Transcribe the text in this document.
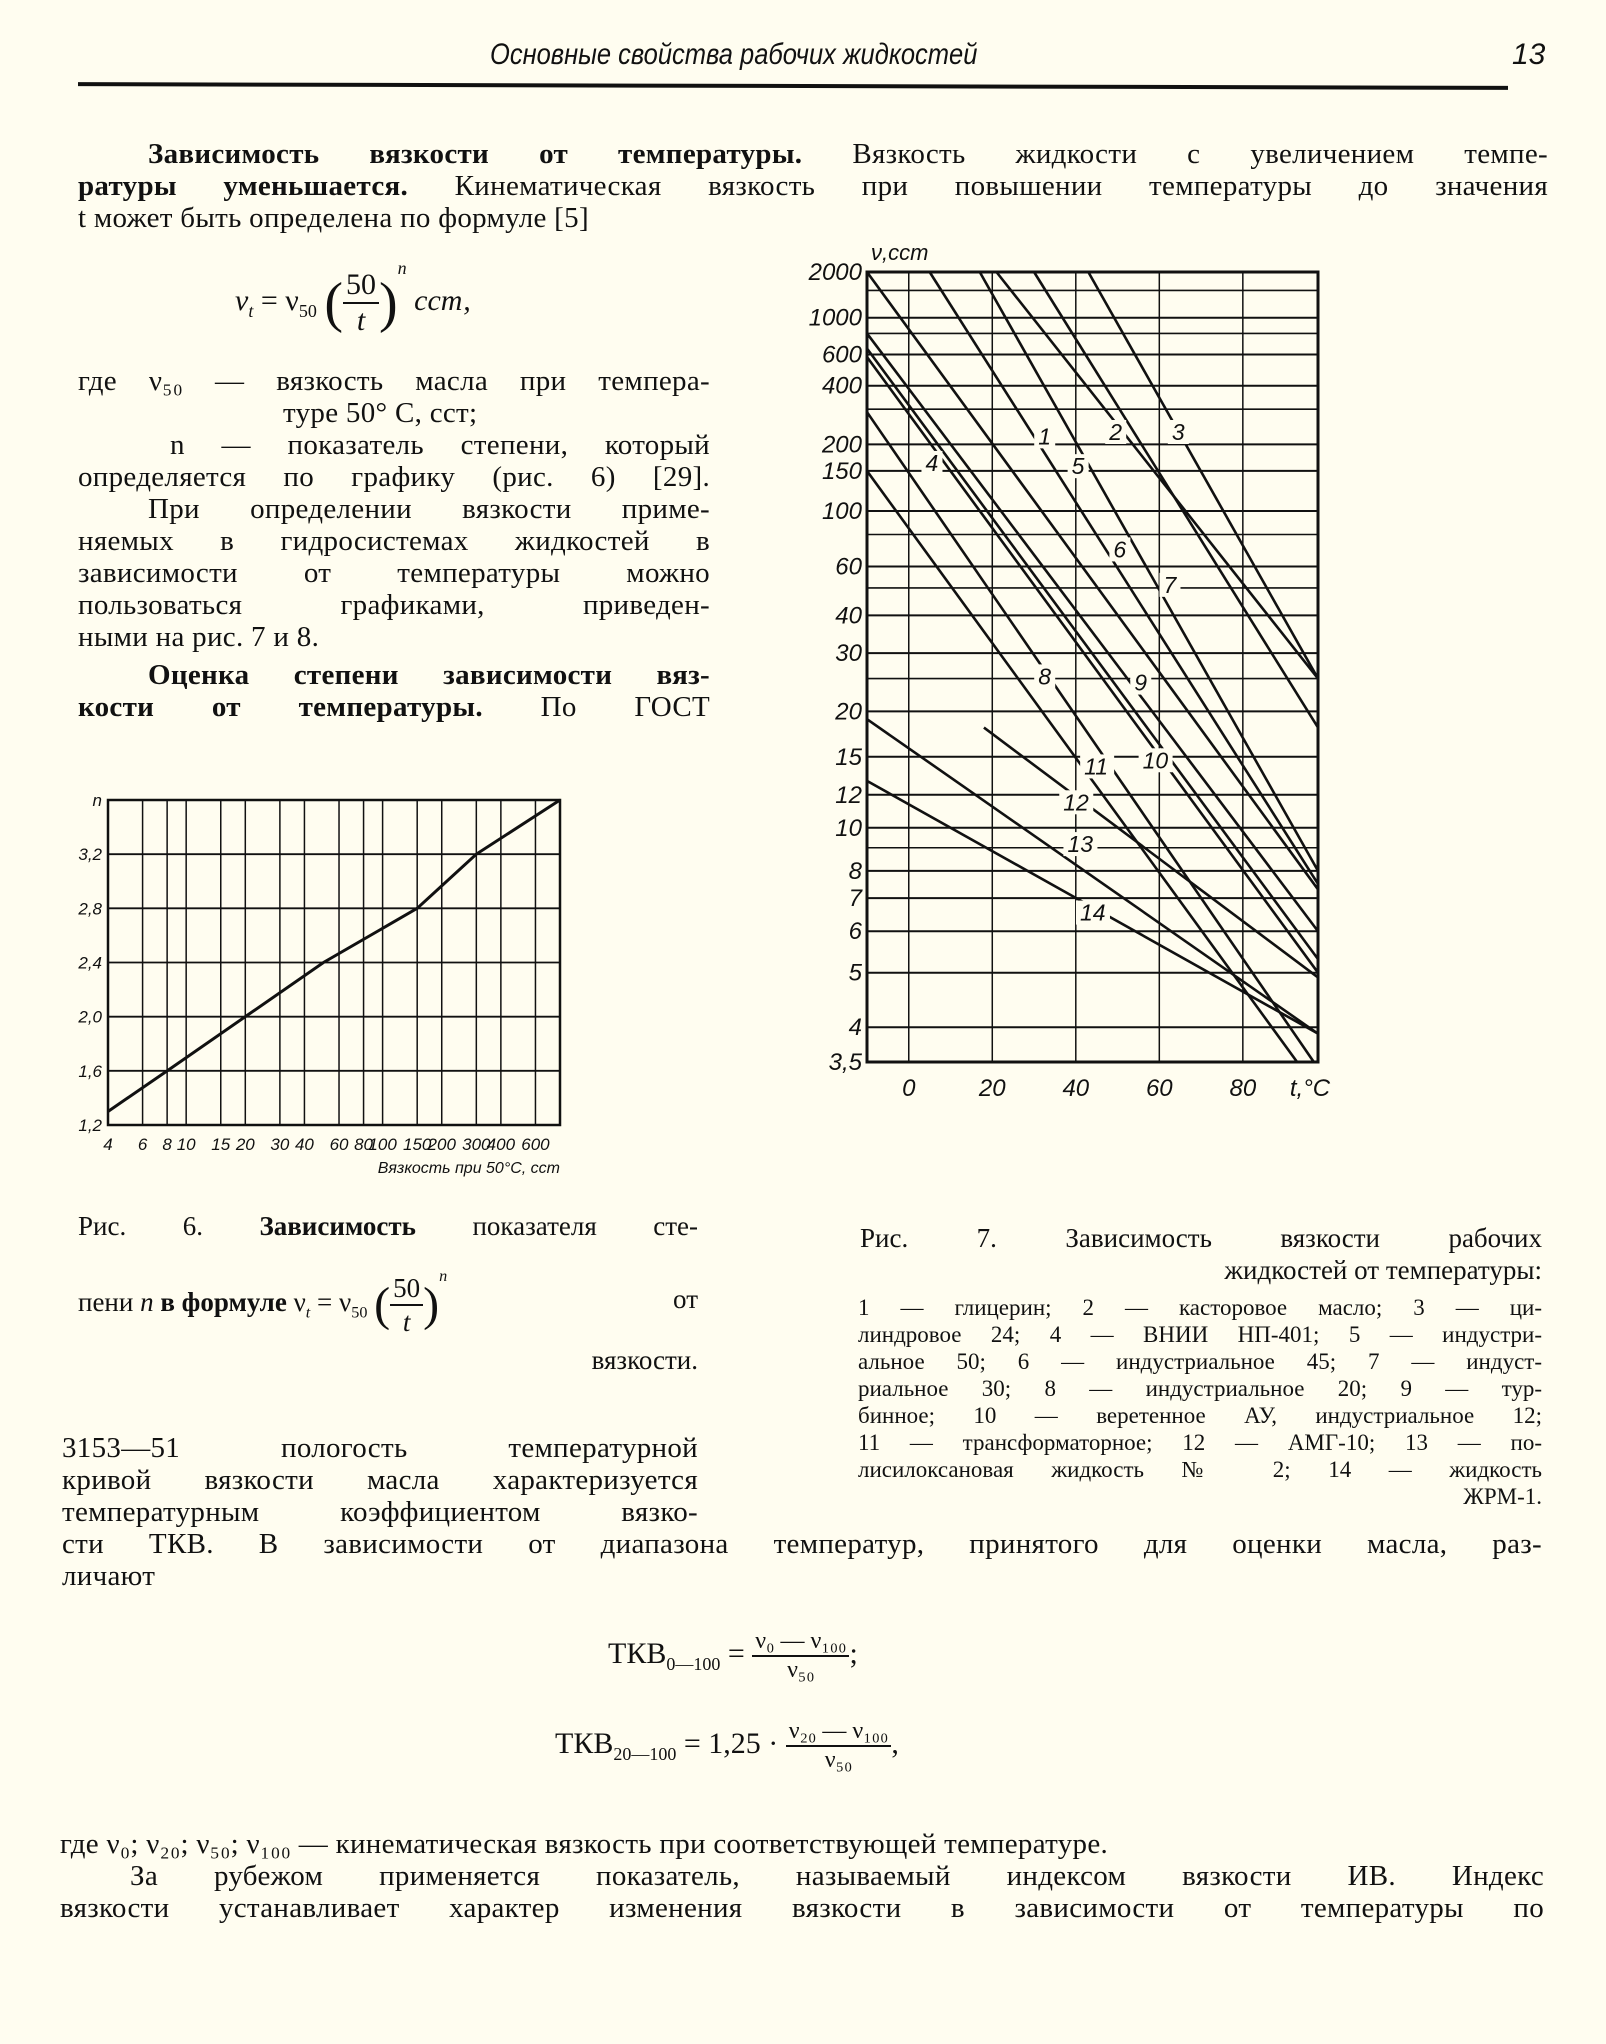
Основные свойства рабочих жидкостей	13
Зависимость вязкости от температуры. Вязкость жидкости с увеличением темпе-
ратуры уменьшается. Кинематическая вязкость при повышении температуры до значения
t может быть определена по формуле [5]
$\nu_t = \nu_{50}$ ( $\frac{50}{t} )^n$ сст,
где ν₅₀ — вязкость масла при темпера-
туре 50° С, сст;
n — показатель степени, который
определяется по графику (рис. 6) [29].
При определении вязкости приме-
няемых в гидросистемах жидкостей в
зависимости от температуры можно
пользоваться графиками, приведен-
ными на рис. 7 и 8.
Оценка степени зависимости вяз-
кости от температуры. По ГОСТ
4 6 8 10 15 20 30 40 60 80
100 150
200 300
400 600
1,2
1,6
2,0
2,4
2,8
3,2
n
Вязкость при 50°С, сст
Рис. 6. Зависимость показателя сте-
пени n в формуле $\nu_t = \nu_{50}$ ( $\frac{50}{t} )^n$
от
вязкости.
3153—51 пологость температурной
кривой вязкости масла характеризуется
температурным коэффициентом вязко-
сти ТКВ. В зависимости от диапазона температур, принятого для оценки масла, раз-
личают
0	20 40 60 80
3,5
4
5
6
7
8
10
12
15
20
30
40
60
100
150
200
400
600
1000
2000
t,°С
ν,сст
1	2 3
4	5
6
7
8	9
10
11
12
13
14
Рис. 7. Зависимость вязкости рабочих
жидкостей от температуры:
1 — глицерин; 2 — касторовое масло; 3 — ци-
линдровое 24; 4 — ВНИИ НП-401; 5 — индустри-
альное 50; 6 — индустриальное 45; 7 — индуст-
риальное 30; 8 — индустриальное 20; 9 — тур-
бинное; 10 — веретенное АУ, индустриальное 12;
11 — трансформаторное; 12 — АМГ-10; 13 — по-
лисилоксановая жидкость № 2; 14 — жидкость
ЖРМ-1.
$ТКВ_{0—100} = \frac{\text{ν₀ — ν₁₀₀}}{\text{ν₅₀}}$ ;
$ТКВ_{20—100} = 1,25 \cdot \frac{\text{ν₂₀ — ν₁₀₀}}{\text{ν₅₀}}$ ,
где ν₀; ν₂₀; ν₅₀; ν₁₀₀ — кинематическая вязкость при соответствующей температуре.
За рубежом применяется показатель, называемый индексом вязкости ИВ. Индекс
вязкости устанавливает характер изменения вязкости в зависимости от температуры по
